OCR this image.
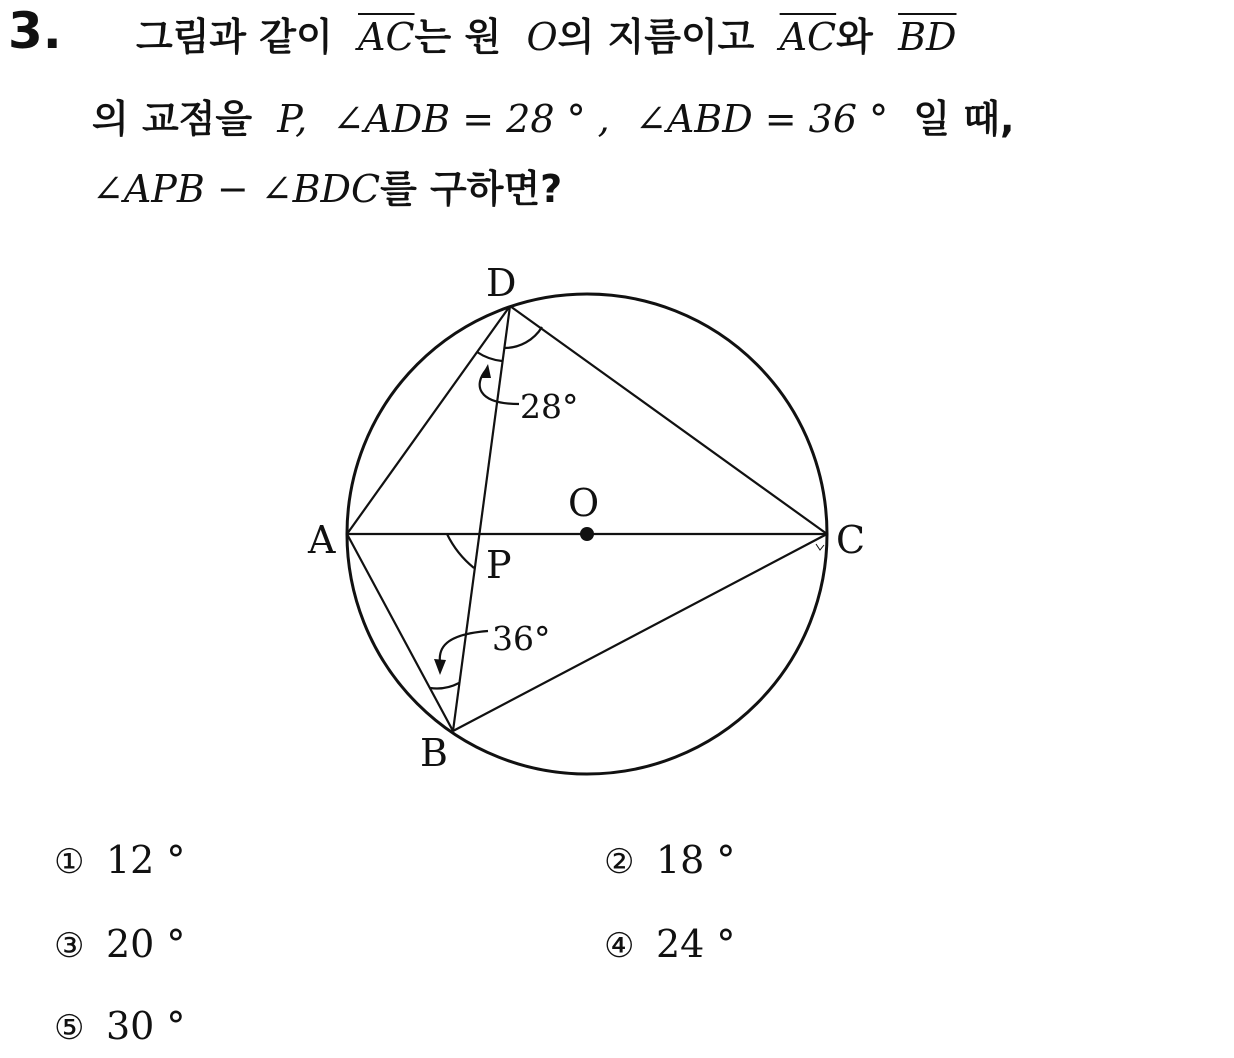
3. 그림과 같이 $\overline{AC}$는 원 O의 지름이고 $\overline{AC}$와 $\overline{BD}$
의 교점을 P, ∠ADB = 28 ° , ∠ABD = 36 ° 일 때,
∠APB − ∠BDC를 구하면?
D
A	C
B
O
P
28°
36°
① 12 °	② 18 °
③ 20 °	④ 24 °
⑤ 30 °
